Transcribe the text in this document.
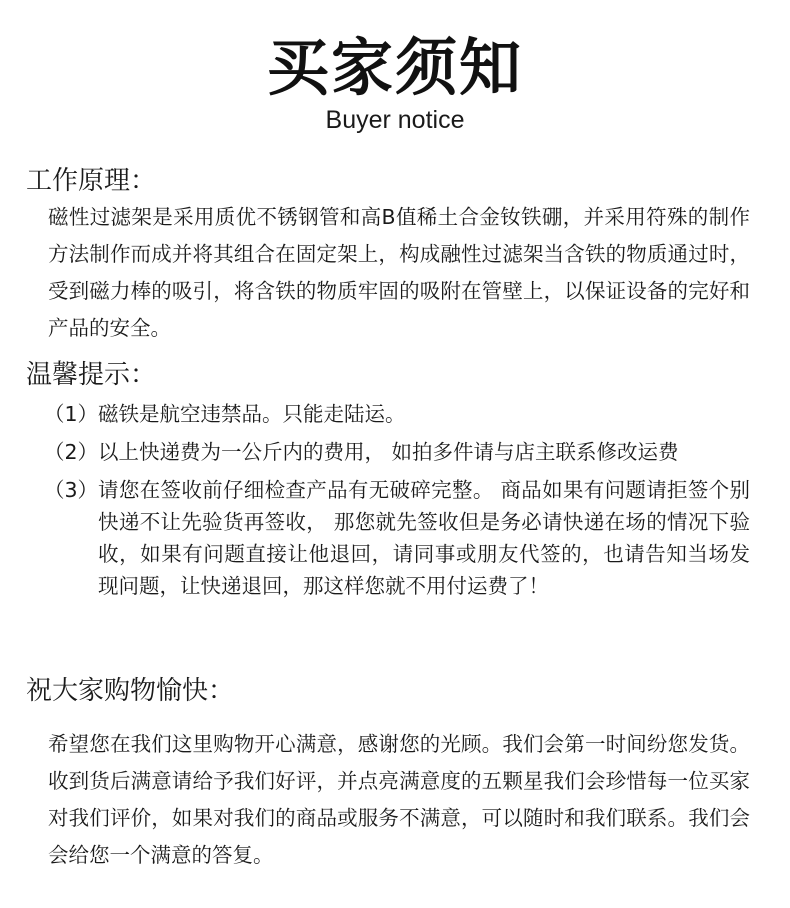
买家须知
Buyer notice
工作原理：
磁性过滤架是采用质优不锈钢管和高B值稀土合金钕铁硼，并采用符殊的制作方法制作而成并将其组合在固定架上，构成融性过滤架当含铁的物质通过时，受到磁力棒的吸引，将含铁的物质牢固的吸附在管壁上，以保证设备的完好和产品的安全。
温馨提示：
（1） 磁铁是航空违禁品。只能走陆运。
（2） 以上快递费为一公斤内的费用， 如拍多件请与店主联系修改运费
（3） 请您在签收前仔细检查产品有无破碎完整。 商品如果有问题请拒签个别快递不让先验货再签收， 那您就先签收但是务必请快递在场的情况下验收，如果有问题直接让他退回，请同事或朋友代签的，也请告知当场发现问题，让快递退回，那这样您就不用付运费了！
祝大家购物愉快：
希望您在我们这里购物开心满意，感谢您的光顾。我们会第一时间纷您发货。收到货后满意请给予我们好评，并点亮满意度的五颗星我们会珍惜每一位买家对我们评价，如果对我们的商品或服务不满意，可以随时和我们联系。我们会会给您一个满意的答复。
